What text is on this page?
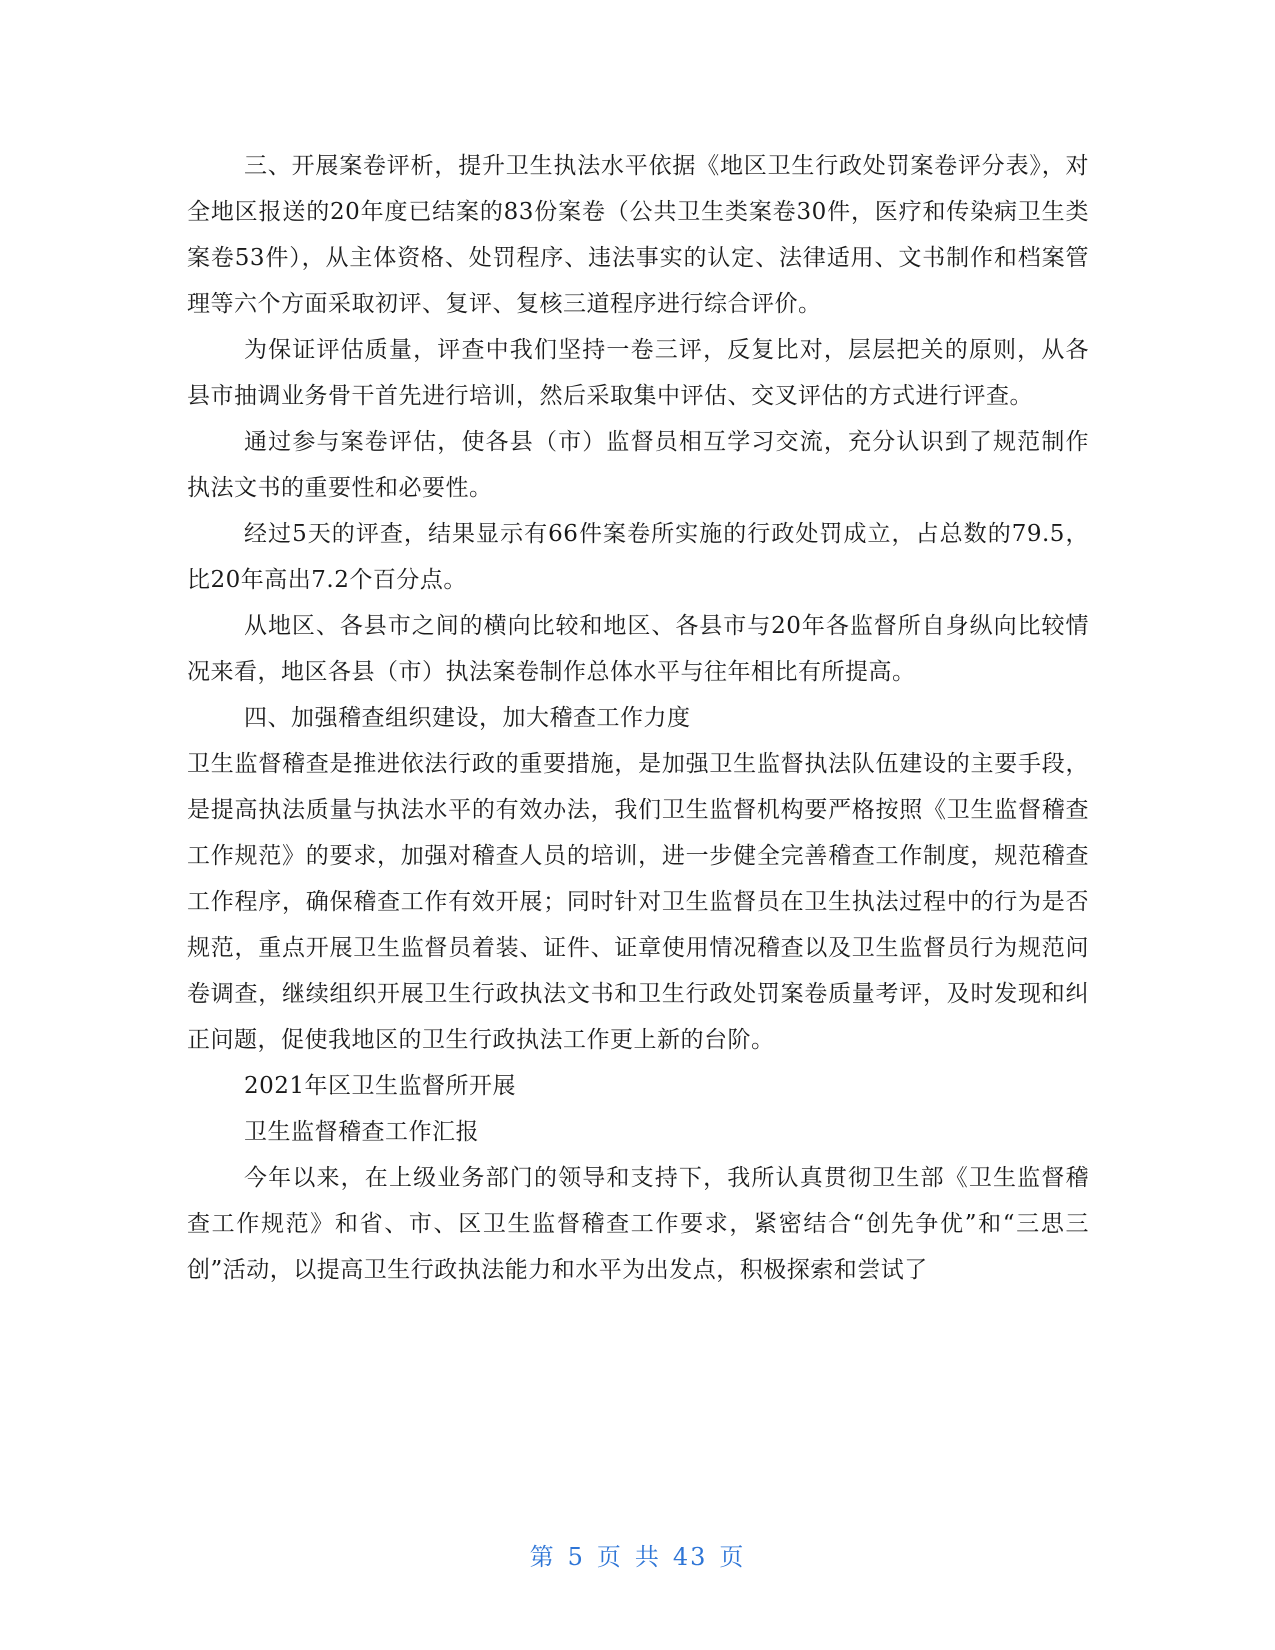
三、开展案卷评析，提升卫生执法水平依据《地区卫生行政处罚案卷评分表》，对全地区报送的20年度已结案的83份案卷（公共卫生类案卷30件，医疗和传染病卫生类案卷53件），从主体资格、处罚程序、违法事实的认定、法律适用、文书制作和档案管理等六个方面采取初评、复评、复核三道程序进行综合评价。

为保证评估质量，评查中我们坚持一卷三评，反复比对，层层把关的原则，从各县市抽调业务骨干首先进行培训，然后采取集中评估、交叉评估的方式进行评查。

通过参与案卷评估，使各县（市）监督员相互学习交流，充分认识到了规范制作执法文书的重要性和必要性。

经过5天的评查，结果显示有66件案卷所实施的行政处罚成立，占总数的79.5，比20年高出7.2个百分点。

从地区、各县市之间的横向比较和地区、各县市与20年各监督所自身纵向比较情况来看，地区各县（市）执法案卷制作总体水平与往年相比有所提高。

四、加强稽查组织建设，加大稽查工作力度

卫生监督稽查是推进依法行政的重要措施，是加强卫生监督执法队伍建设的主要手段，是提高执法质量与执法水平的有效办法，我们卫生监督机构要严格按照《卫生监督稽查工作规范》的要求，加强对稽查人员的培训，进一步健全完善稽查工作制度，规范稽查工作程序，确保稽查工作有效开展；同时针对卫生监督员在卫生执法过程中的行为是否规范，重点开展卫生监督员着装、证件、证章使用情况稽查以及卫生监督员行为规范问卷调查，继续组织开展卫生行政执法文书和卫生行政处罚案卷质量考评，及时发现和纠正问题，促使我地区的卫生行政执法工作更上新的台阶。

2021年区卫生监督所开展

卫生监督稽查工作汇报

今年以来，在上级业务部门的领导和支持下，我所认真贯彻卫生部《卫生监督稽查工作规范》和省、市、区卫生监督稽查工作要求，紧密结合“创先争优”和“三思三创”活动，以提高卫生行政执法能力和水平为出发点，积极探索和尝试了

第 5 页 共 43 页
